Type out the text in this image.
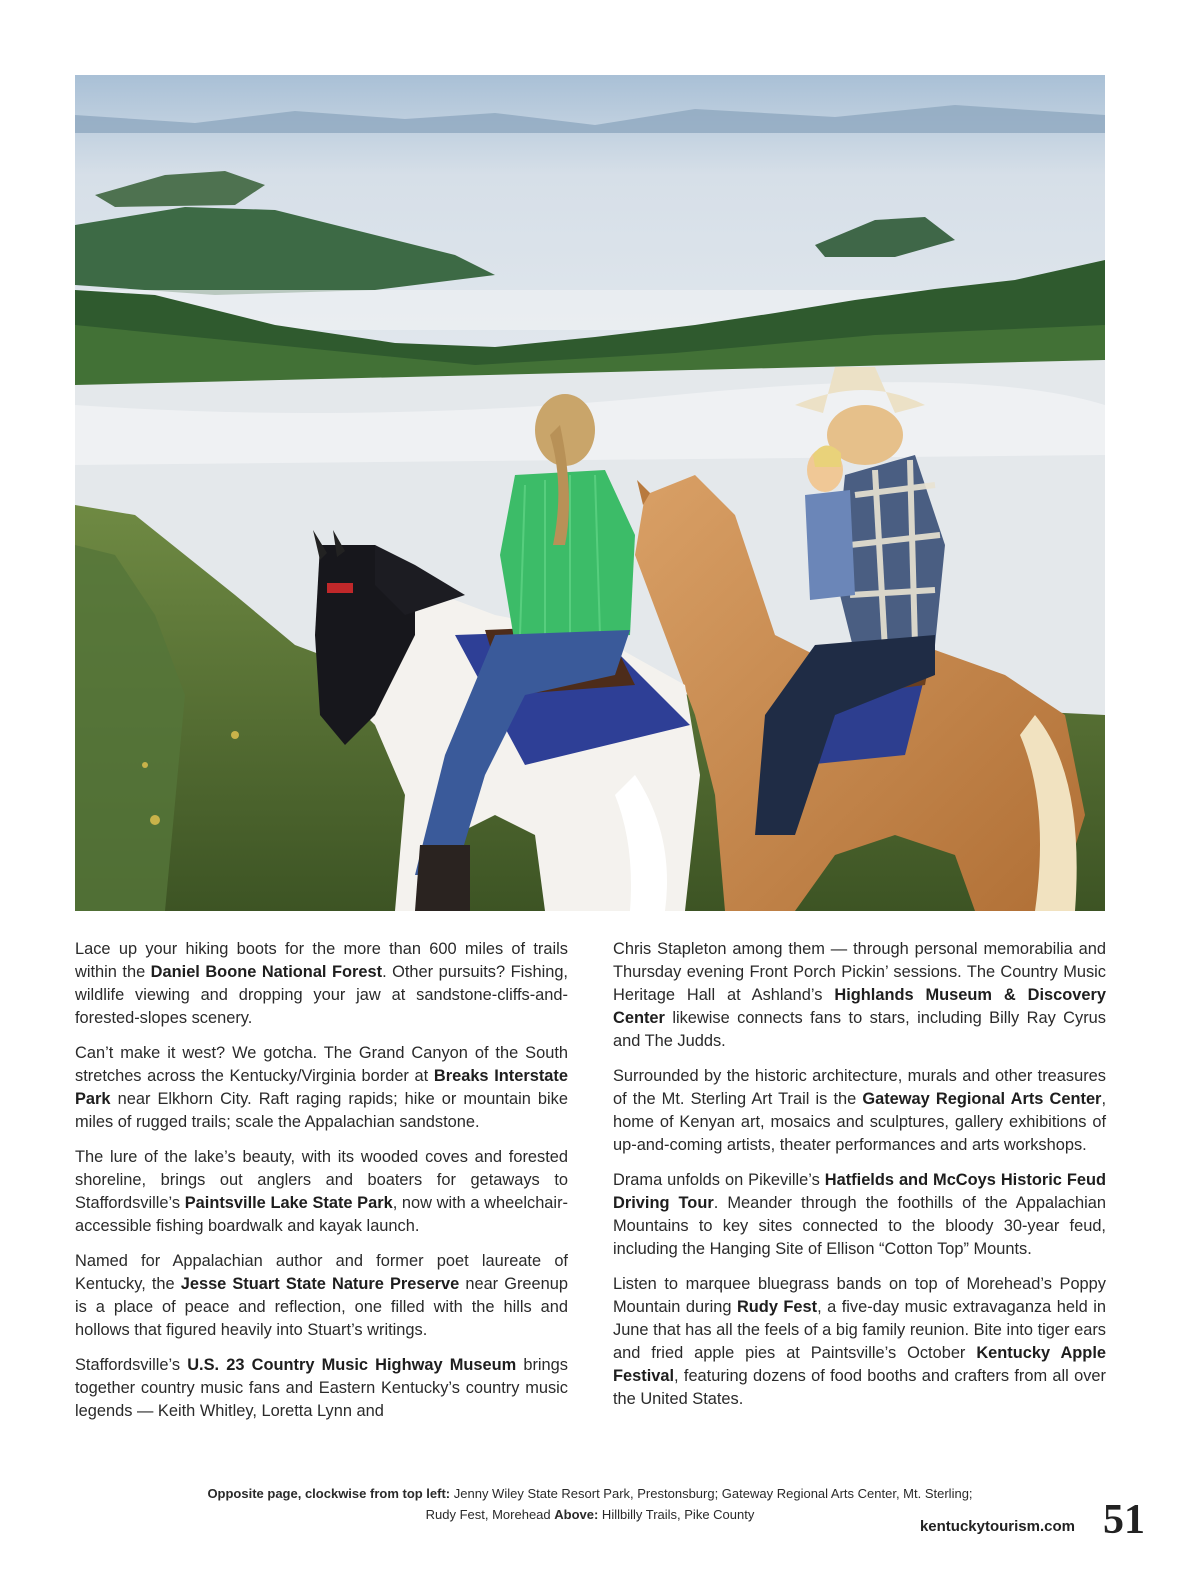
Lace up your hiking boots for the more than 600 miles of trails within the Daniel Boone National Forest. Other pursuits? Fishing, wildlife viewing and dropping your jaw at sandstone-cliffs-and-forested-slopes scenery.

Can’t make it west? We gotcha. The Grand Canyon of the South stretches across the Kentucky/Virginia border at Breaks Interstate Park near Elkhorn City. Raft raging rapids; hike or mountain bike miles of rugged trails; scale the Appalachian sandstone.

The lure of the lake’s beauty, with its wooded coves and forested shoreline, brings out anglers and boaters for getaways to Staffordsville’s Paintsville Lake State Park, now with a wheelchair-accessible fishing boardwalk and kayak launch.

Named for Appalachian author and former poet laureate of Kentucky, the Jesse Stuart State Nature Preserve near Greenup is a place of peace and reflection, one filled with the hills and hollows that figured heavily into Stuart’s writings.

Staffordsville’s U.S. 23 Country Music Highway Museum brings together country music fans and Eastern Kentucky’s country music legends — Keith Whitley, Loretta Lynn and

Chris Stapleton among them — through personal memorabilia and Thursday evening Front Porch Pickin’ sessions. The Country Music Heritage Hall at Ashland’s Highlands Museum & Discovery Center likewise connects fans to stars, including Billy Ray Cyrus and The Judds.

Surrounded by the historic architecture, murals and other treasures of the Mt. Sterling Art Trail is the Gateway Regional Arts Center, home of Kenyan art, mosaics and sculptures, gallery exhibitions of up-and-coming artists, theater performances and arts workshops.

Drama unfolds on Pikeville’s Hatfields and McCoys Historic Feud Driving Tour. Meander through the foothills of the Appalachian Mountains to key sites connected to the bloody 30-year feud, including the Hanging Site of Ellison “Cotton Top” Mounts.

Listen to marquee bluegrass bands on top of Morehead’s Poppy Mountain during Rudy Fest, a five-day music extravaganza held in June that has all the feels of a big family reunion. Bite into tiger ears and fried apple pies at Paintsville’s October Kentucky Apple Festival, featuring dozens of food booths and crafters from all over the United States.

Opposite page, clockwise from top left: Jenny Wiley State Resort Park, Prestonsburg; Gateway Regional Arts Center, Mt. Sterling;
Rudy Fest, Morehead Above: Hillbilly Trails, Pike County
kentuckytourism.com 51
